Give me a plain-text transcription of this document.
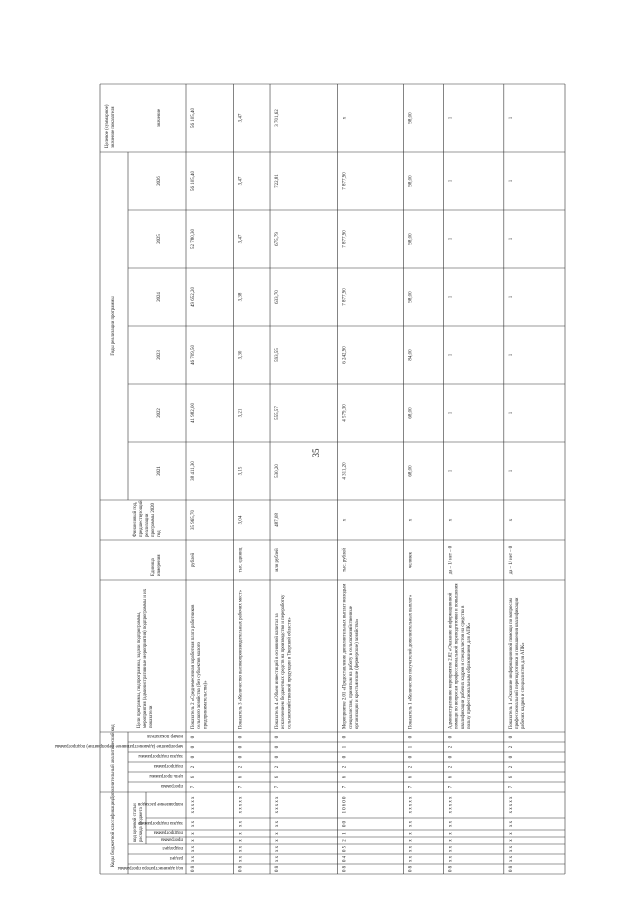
35
Коды бюджетной классификации
Дополнительный аналитический код
Годы реализации программы
Целевое (суммарное) значение показателя
код целевой статьи расхода бюджета
код администратора программы
раздел
подраздел
программа
подпрограмма
задача подпрограммы
направление расходов
программа
цель программы
подпрограмма
задача подпрограммы
мероприятие (административное мероприятие) подпрограммы
номер показателя
Цели программы, подпрограммы, задачи подпрограммы, мероприятия (административные мероприятия) подпрограммы и их показатели
Единица измерения
Финансовый год, предшествующий реализации программы 2020 год
2021
2022
2023
2024
2025
2026
значение
0 8
x x
x x
x
x
x x
x x x x x
7
6
2
0
0
0
Показатель 2 «Среднемесячная заработная плата работников сельского хозяйства (без субъектов малого предпринимательства)»
рублей
35 965,70
38 411,30
41 982,00
46 709,50
49 652,20
52 780,30
56 105,40
56 105,40
0 8
x x
x x
x
x
x x
x x x x x
7
6
2
0
0
0
Показатель 3 «Количество высокопроизводительных рабочих мест»
тыс. единиц
3,04
3,15
3,21
3,30
3,38
3,47
3,47
3,47
0 8
x x
x x
x
x
x x
x x x x x
7
6
2
0
0
0
Показатель 4 «Объем инвестиций в основной капитал за исключением бюджетных средств на производство и переработку сельскохозяйственной продукции в Тверской области»
млн рублей
487,08
530,20
555,57
593,55
633,70
675,79
722,81
3 701,62
0 8
0 4
0 5
2
1
0 0
1 0 6 0 0
7
6
2
0
1
0
Мероприятие 2.01 «Предоставление дополнительных выплат молодым специалистам, принятым на работу в сельскохозяйственные организации и крестьянские (фермерские) хозяйства»
тыс. рублей
x
4 311,20
4 579,30
6 242,90
7 877,90
7 877,90
7 877,90
x
0 8
x x
x x
x
x
x x
x x x x x
7
6
2
0
1
0
Показатель 1 «Количество получателей дополнительных выплат»
человек
x
68,00
68,00
84,00
98,00
98,00
98,00
98,00
0 8
x x
x x
x
x
x x
x x x x x
7
6
2
0
2
0
Административное мероприятие 2.02 «Оказание информационной помощи по вопросам профессиональной переподготовки и повышения квалификации рабочих кадров и специалистов на средства в пользу профессиональным образованием для АПК»
да – 1/ нет – 0
x
1
1
1
1
1
1
1
0 8
x x
x x
x
x
x x
x x x x x
7
6
2
0
2
0
Показатель 1 «Оказание информационной помощи по вопросам профессиональной переподготовки и повышения квалификации рабочих кадров и специалистов для АПК»
да – 1/ нет – 0
x
1
1
1
1
1
1
1
